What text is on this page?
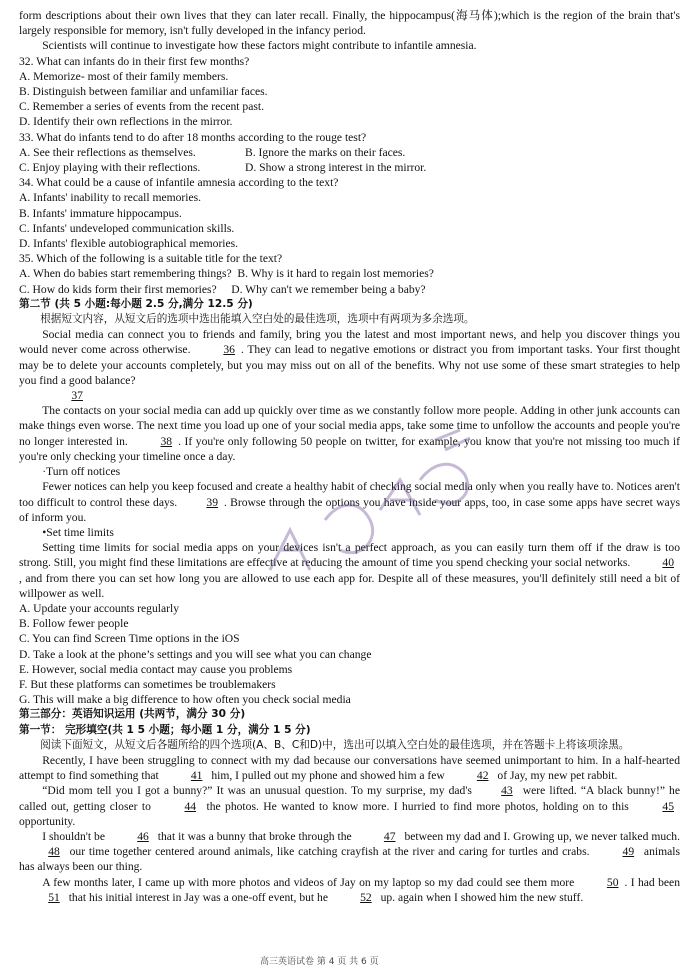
form descriptions about their own lives that they can later recall. Finally, the hippocampus(海马体);which is the region of the brain that's largely responsible for memory, isn't fully developed in the infancy period.

Scientists will continue to investigate how these factors might contribute to infantile amnesia.

32. What can infants do in their first few months?

A. Memorize- most of their family members.

B. Distinguish between familiar and unfamiliar faces.

C. Remember a series of events from the recent past.

D. Identify their own reflections in the mirror.

33. What do infants tend to do after 18 months according to the rouge test?

A. See their reflections as themselves.	B. Ignore the marks on their faces.

C. Enjoy playing with their reflections.	D. Show a strong interest in the mirror.

34. What could be a cause of infantile amnesia according to the text?

A. Infants' inability to recall memories.

B. Infants' immature hippocampus.

C. Infants' undeveloped communication skills.

D. Infants' flexible autobiographical memories.

35. Which of the following is a suitable title for the text?

A. When do babies start remembering things?  B. Why is it hard to regain lost memories?

C. How do kids form their first memories?     D. Why can't we remember being a baby?

第二节 (共 5 小题:每小题 2.5 分,满分 12.5 分)

根据短文内容，从短文后的选项中选出能填入空白处的最佳选项，选项中有两项为多余选项。

Social media can connect you to friends and family, bring you the latest and most important news, and help you discover things you would never come across otherwise.	36 . They can lead to negative emotions or distract you from important tasks. Your first thought may be to delete your accounts completely, but you may miss out on all of the benefits. Why not use some of these smart strategies to help you find a good balance?

37

The contacts on your social media can add up quickly over time as we constantly follow more people. Adding in other junk accounts can make things even worse. The next time you load up one of your social media apps, take some time to unfollow the accounts and people you're no longer interested in.	38 . If you're only following 50 people on twitter, for example, you know that you're not missing too much if you're only checking your timeline once a day.

·Turn off notices

Fewer notices can help you keep focused and create a healthy habit of checking social media only when you really have to. Notices aren't too difficult to control these days.	39 . Browse through the options you have inside your apps, too, in case some apps have secret ways of inform you.

•Set time limits

Setting time limits for social media apps on your devices isn't a perfect approach, as you can easily turn them off if the draw is too strong. Still, you might find these limitations are effective at reducing the amount of time you spend checking your social networks.	40, and from there you can set how long you are allowed to use each app for. Despite all of these measures, you'll definitely still need a bit of willpower as well.

A. Update your accounts regularly

B. Follow fewer people

C. You can find Screen Time options in the iOS

D. Take a look at the phone’s settings and you will see what you can change

E. However, social media contact may cause you problems

F. But these platforms can sometimes be troublemakers

G. This will make a big difference to how often you check social media

第三部分：英语知识运用 (共两节，满分 30 分)

第一节： 完形填空(共 1 5 小题；每小题 1 分，满分 1 5 分)

阅读下面短文，从短文后各题所给的四个选项(A、B、C和D)中，选出可以填入空白处的最佳选项，并在答题卡上将该项涂黑。

Recently, I have been struggling to connect with my dad because our conversations have seemed unimportant to him. In a half-hearted attempt to find something that	41 him, I pulled out my phone and showed him a few	42 of Jay, my new pet rabbit.

“Did mom tell you I got a bunny?” It was an unusual question. To my surprise, my dad's	43 were lifted. “A black bunny!” he called out, getting closer to	44 the photos. He wanted to know more. I hurried to find more photos, holding on to this	45 opportunity.

I shouldn't be	46 that it was a bunny that broke through the	47 between my dad and I. Growing up, we never talked much. 48 our time together centered around animals, like catching crayfish at the river and caring for turtles and crabs.	49 animals has always been our thing.

A few months later, I came up with more photos and videos of Jay on my laptop so my dad could see them more	50 . I had been 51 that his initial interest in Jay was a one-off event, but he	52 up. again when I showed him the new stuff.

高三英语试卷 第 4 页 共 6 页
